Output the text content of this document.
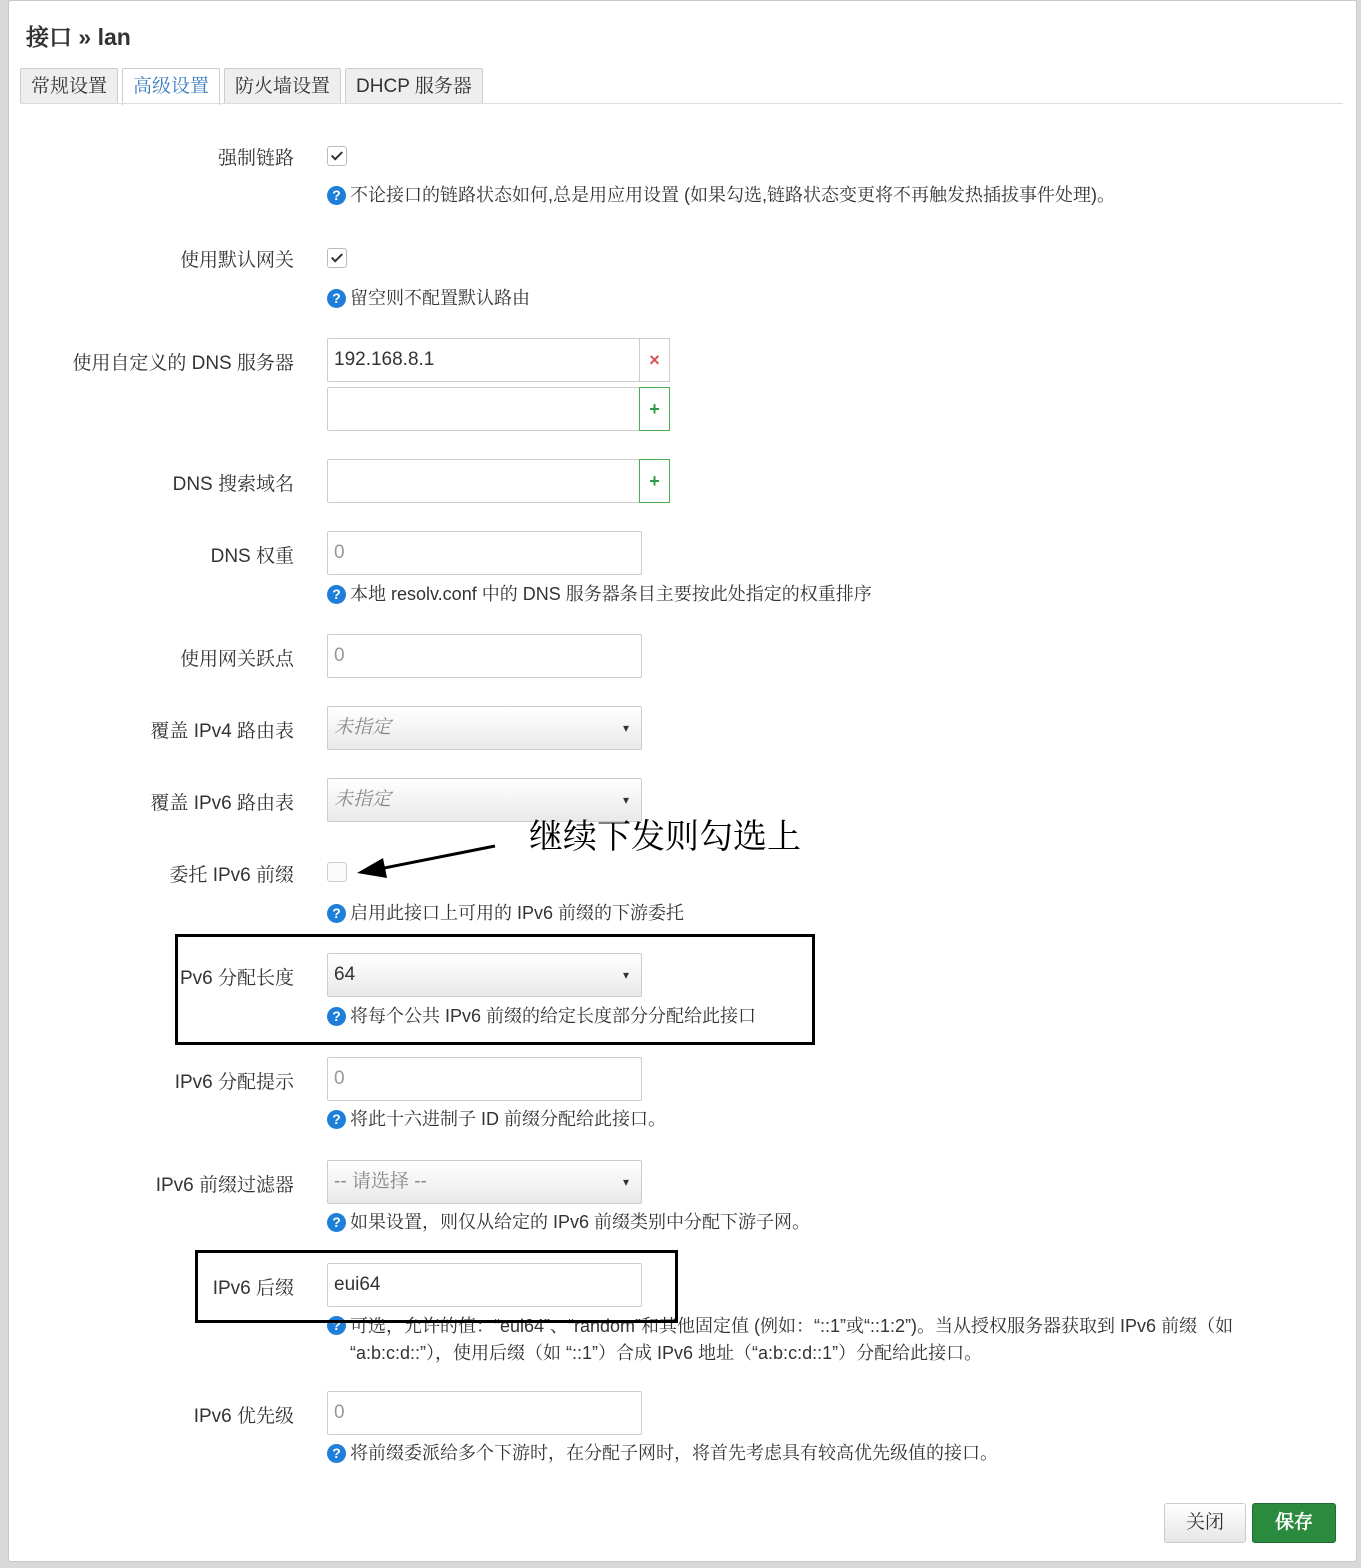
接口 » lan
常规设置	高级设置	防火墙设置	DHCP 服务器
强制链路
? 不论接口的链路状态如何,总是用应用设置 (如果勾选,链路状态变更将不再触发热插拔事件处理)。
使用默认网关
? 留空则不配置默认路由
使用自定义的 DNS 服务器	192.168.8.1	×
+
DNS 搜索域名	+
DNS 权重	0
? 本地 resolv.conf 中的 DNS 服务器条目主要按此处指定的权重排序
使用网关跃点	0
覆盖 IPv4 路由表	未指定	▾
覆盖 IPv6 路由表	未指定	▾
继续下发则勾选上
委托 IPv6 前缀
? 启用此接口上可用的 IPv6 前缀的下游委托
Pv6 分配长度	64	▾
? 将每个公共 IPv6 前缀的给定长度部分分配给此接口
IPv6 分配提示	0
? 将此十六进制子 ID 前缀分配给此接口。
IPv6 前缀过滤器	-- 请选择 --	▾
? 如果设置，则仅从给定的 IPv6 前缀类别中分配下游子网。
IPv6 后缀	eui64
? 可选，允许的值：“eui64”、“random”和其他固定值 (例如：“::1”或“::1:2”)。当从授权服务器获取到 IPv6 前缀（如
“a:b:c:d::”），使用后缀（如 “::1”）合成 IPv6 地址（“a:b:c:d::1”）分配给此接口。
IPv6 优先级	0
? 将前缀委派给多个下游时，在分配子网时，将首先考虑具有较高优先级值的接口。
关闭	保存
